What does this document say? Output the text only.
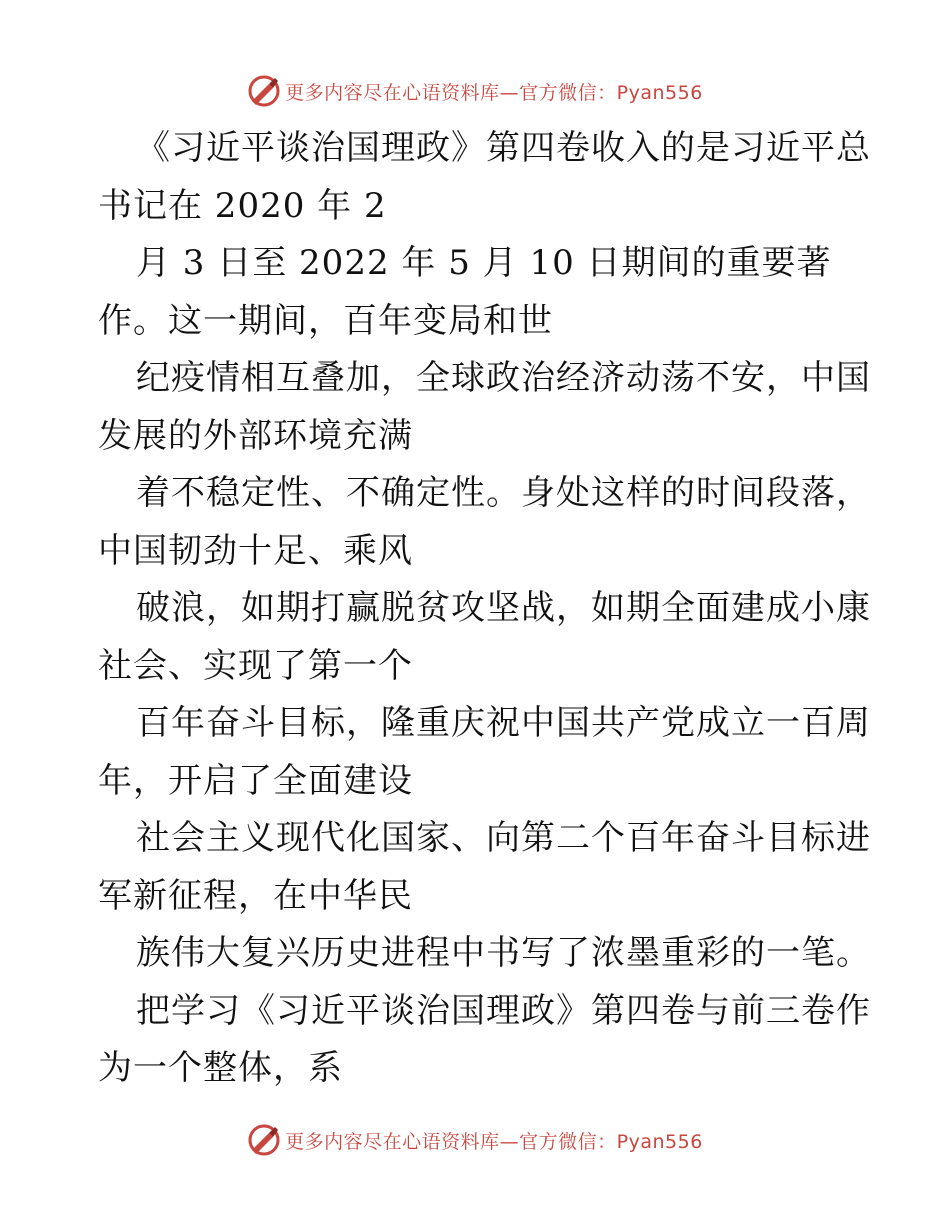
更多内容尽在心语资料库—官方微信：Pyan556
《习近平谈治国理政》第四卷收入的是习近平总
书记在 2020 年 2
月 3 日至 2022 年 5 月 10 日期间的重要著
作。这一期间，百年变局和世
纪疫情相互叠加，全球政治经济动荡不安，中国
发展的外部环境充满
着不稳定性、不确定性。身处这样的时间段落，
中国韧劲十足、乘风
破浪，如期打赢脱贫攻坚战，如期全面建成小康
社会、实现了第一个
百年奋斗目标，隆重庆祝中国共产党成立一百周
年，开启了全面建设
社会主义现代化国家、向第二个百年奋斗目标进
军新征程，在中华民
族伟大复兴历史进程中书写了浓墨重彩的一笔。
把学习《习近平谈治国理政》第四卷与前三卷作
为一个整体，系
更多内容尽在心语资料库—官方微信：Pyan556
